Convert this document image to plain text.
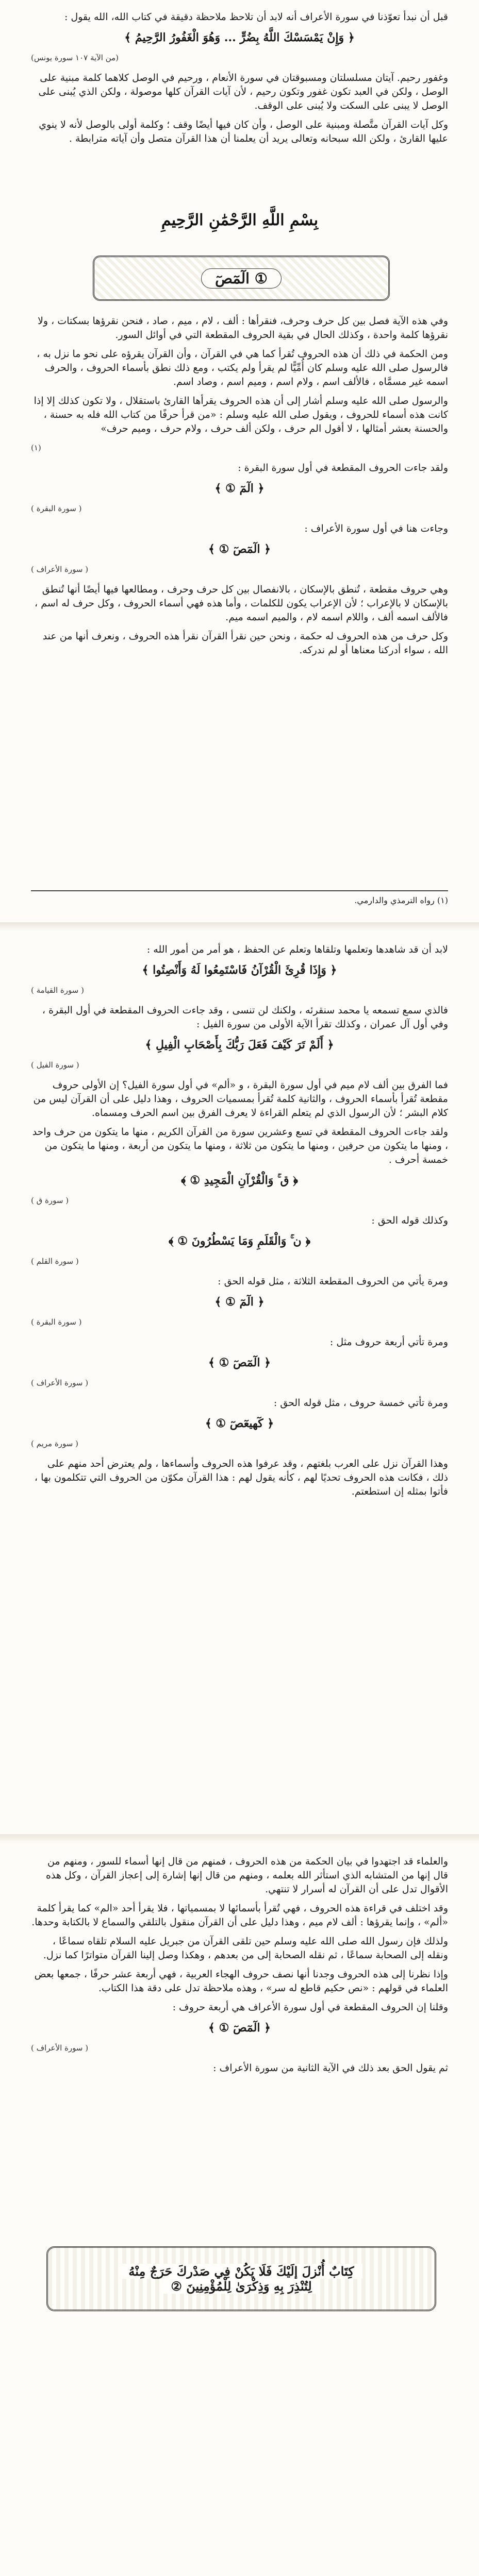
قبل أن نبدأ تعوّذنا في سورة الأعراف أنه لابد أن تلاحظ ملاحظة دقيقة في كتاب الله، الله يقول :

﴿ وَإِنْ يَمْسَسْكَ اللَّهُ بِضُرٍّ ... وَهُوَ الْغَفُورُ الرَّحِيمُ ﴾

(من الآية ١٠٧ سورة يونس)

وغفور رحيم. آيتان مسلسلتان ومسبوقتان في سورة الأنعام ، ورحيم في الوصل كلاهما كلمة مبنية على الوصل ، ولكن في العبد تكون غفور وتكون رحيم ، لأن آيات القرآن كلها موصولة ، ولكن الذي يُبنى على الوصل لا يبنى على السكت ولا يُبنى على الوقف.

وكل آيات القرآن متَّصلة ومبنية على الوصل ، وأن كان فيها أيضًا وقف ؛ وكلمة أولى بالوصل لأنه لا ينوي عليها القارئ ، ولكن الله سبحانه وتعالى يريد أن يعلمنا أن هذا القرآن متصل وأن آياته مترابطة .

بِسْمِ اللَّهِ الرَّحْمَٰنِ الرَّحِيمِ
الٓمٓصٓ ①

وفي هذه الآية فصل بين كل حرف وحرف، فنقرأها : ألف ، لام ، ميم ، صاد ، فنحن نقرؤها بسكتات ، ولا نقرؤها كلمة واحدة ، وكذلك الحال في بقية الحروف المقطعة التي في أوائل السور.

ومن الحكمة في ذلك أن هذه الحروف تُقرأ كما هي في القرآن ، وأن القرآن يقرؤه على نحو ما نزل به ، فالرسول صلى الله عليه وسلم كان أُمِّيًّا لم يقرأ ولم يكتب ، ومع ذلك نطق بأسماء الحروف ، والحرف اسمه غير مسمَّاه ، فالألف اسم ، ولام اسم ، وميم اسم ، وصاد اسم.

والرسول صلى الله عليه وسلم أشار إلى أن هذه الحروف يقرأها القارئ باستقلال ، ولا تكون كذلك إلا إذا كانت هذه أسماء للحروف ، ويقول صلى الله عليه وسلم : «من قرأ حرفًا من كتاب الله فله به حسنة ، والحسنة بعشر أمثالها ، لا أقول الم حرف ، ولكن ألف حرف ، ولام حرف ، وميم حرف»

(١)

ولقد جاءت الحروف المقطعة في أول سورة البقرة :

﴿ الٓمٓ ① ﴾

( سورة البقرة )

وجاءت هنا في أول سورة الأعراف :

﴿ الٓمٓصٓ ① ﴾

( سورة الأعراف )

وهي حروف مقطعة ، تُنطق بالإسكان ، بالانفصال بين كل حرف وحرف ، ومطالعها فيها أيضًا أنها تُنطق بالإسكان لا بالإعراب ؛ لأن الإعراب يكون للكلمات ، وأما هذه فهي أسماء الحروف ، وكل حرف له اسم ، فالألف اسمه ألف ، واللام اسمه لام ، والميم اسمه ميم.

وكل حرف من هذه الحروف له حكمة ، ونحن حين نقرأ القرآن نقرأ هذه الحروف ، ونعرف أنها من عند الله ، سواء أدركنا معناها أو لم ندركه.

(١) رواه الترمذي والدارمي.

لابد أن قد شاهدها وتعلمها وتلقاها وتعلم عن الحفظ ، هو أمر من أمور الله :

﴿ وَإِذَا قُرِئَ الْقُرْآنُ فَاسْتَمِعُوا لَهُ وَأَنْصِتُوا ﴾

( سورة القيامة )

فالذي سمع تسمعه يا محمد سنقرئه ، ولكنك لن تنسى ، وقد جاءت الحروف المقطعة في أول البقرة ، وفي أول آل عمران ، وكذلك تقرأ الآية الأولى من سورة الفيل :

﴿ أَلَمْ تَرَ كَيْفَ فَعَلَ رَبُّكَ بِأَصْحَابِ الْفِيلِ ﴾

( سورة الفيل )

فما الفرق بين ألف لام ميم في أول سورة البقرة ، و «ألم» في أول سورة الفيل؟ إن الأولى حروف مقطعة تُقرأ بأسماء الحروف ، والثانية كلمة تُقرأ بمسميات الحروف ، وهذا دليل على أن القرآن ليس من كلام البشر ؛ لأن الرسول الذي لم يتعلم القراءة لا يعرف الفرق بين اسم الحرف ومسماه.

ولقد جاءت الحروف المقطعة في تسع وعشرين سورة من القرآن الكريم ، منها ما يتكون من حرف واحد ، ومنها ما يتكون من حرفين ، ومنها ما يتكون من ثلاثة ، ومنها ما يتكون من أربعة ، ومنها ما يتكون من خمسة أحرف .

﴿ ق ۚ وَالْقُرْآنِ الْمَجِيدِ ① ﴾

( سورة ق )

وكذلك قوله الحق :

﴿ ن ۚ وَالْقَلَمِ وَمَا يَسْطُرُونَ ① ﴾

( سورة القلم )

ومرة يأتي من الحروف المقطعة الثلاثة ، مثل قوله الحق :

﴿ الٓمٓ ① ﴾

( سورة البقرة )

ومرة تأتي أربعة حروف مثل :

﴿ الٓمٓصٓ ① ﴾

( سورة الأعراف )

ومرة تأتي خمسة حروف ، مثل قوله الحق :

﴿ كٓهيعٓصٓ ① ﴾

( سورة مريم )

وهذا القرآن نزل على العرب بلغتهم ، وقد عرفوا هذه الحروف وأسماءها ، ولم يعترض أحد منهم على ذلك ، فكانت هذه الحروف تحديًا لهم ، كأنه يقول لهم : هذا القرآن مكوّن من الحروف التي تتكلمون بها ، فأتوا بمثله إن استطعتم.

والعلماء قد اجتهدوا في بيان الحكمة من هذه الحروف ، فمنهم من قال إنها أسماء للسور ، ومنهم من قال إنها من المتشابه الذي استأثر الله بعلمه ، ومنهم من قال إنها إشارة إلى إعجاز القرآن ، وكل هذه الأقوال تدل على أن القرآن له أسرار لا تنتهي.

وقد اختلف في قراءة هذه الحروف ، فهي تُقرأ بأسمائها لا بمسمياتها ، فلا يقرأ أحد «الم» كما يقرأ كلمة «ألم» ، وإنما يقرؤها : ألف لام ميم ، وهذا دليل على أن القرآن منقول بالتلقي والسماع لا بالكتابة وحدها.

ولذلك فإن رسول الله صلى الله عليه وسلم حين تلقى القرآن من جبريل عليه السلام تلقاه سماعًا ، ونقله إلى الصحابة سماعًا ، ثم نقله الصحابة إلى من بعدهم ، وهكذا وصل إلينا القرآن متواترًا كما نزل.

وإذا نظرنا إلى هذه الحروف وجدنا أنها نصف حروف الهجاء العربية ، فهي أربعة عشر حرفًا ، جمعها بعض العلماء في قولهم : «نص حكيم قاطع له سر» ، وهذه ملاحظة تدل على دقة هذا الكتاب.

وقلنا إن الحروف المقطعة في أول سورة الأعراف هي أربعة حروف :

﴿ الٓمٓصٓ ① ﴾

( سورة الأعراف )

ثم يقول الحق بعد ذلك في الآية الثانية من سورة الأعراف :

كِتَابٌ أُنْزِلَ إِلَيْكَ فَلَا يَكُنْ فِي صَدْرِكَ حَرَجٌ مِنْهُ
لِتُنْذِرَ بِهِ وَذِكْرَىٰ لِلْمُؤْمِنِينَ ②
